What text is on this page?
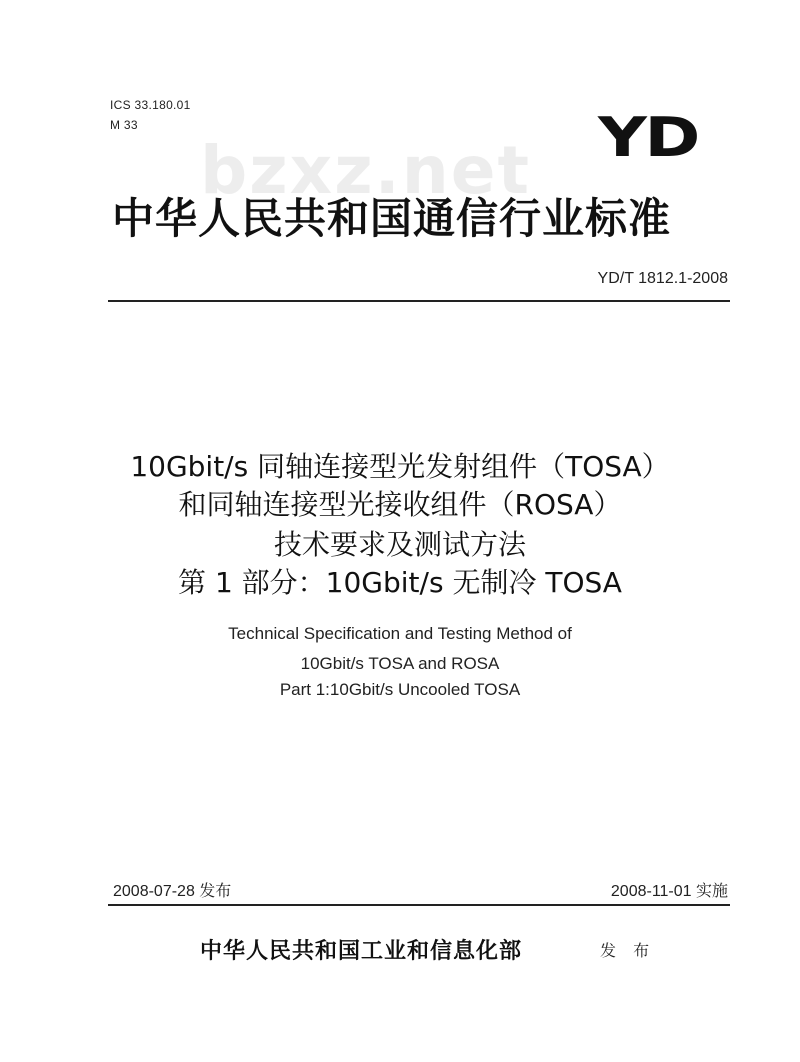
ICS 33.180.01
M 33
bzxz.net YD
中华人民共和国通信行业标准
YD/T 1812.1-2008
10Gbit/s 同轴连接型光发射组件（TOSA）
和同轴连接型光接收组件（ROSA）
技术要求及测试方法
第 1 部分：10Gbit/s 无制冷 TOSA
Technical Specification and Testing Method of
10Gbit/s TOSA and ROSA
Part 1:10Gbit/s Uncooled TOSA
2008-07-28 发布	2008-11-01 实施
中华人民共和国工业和信息化部	发 布
